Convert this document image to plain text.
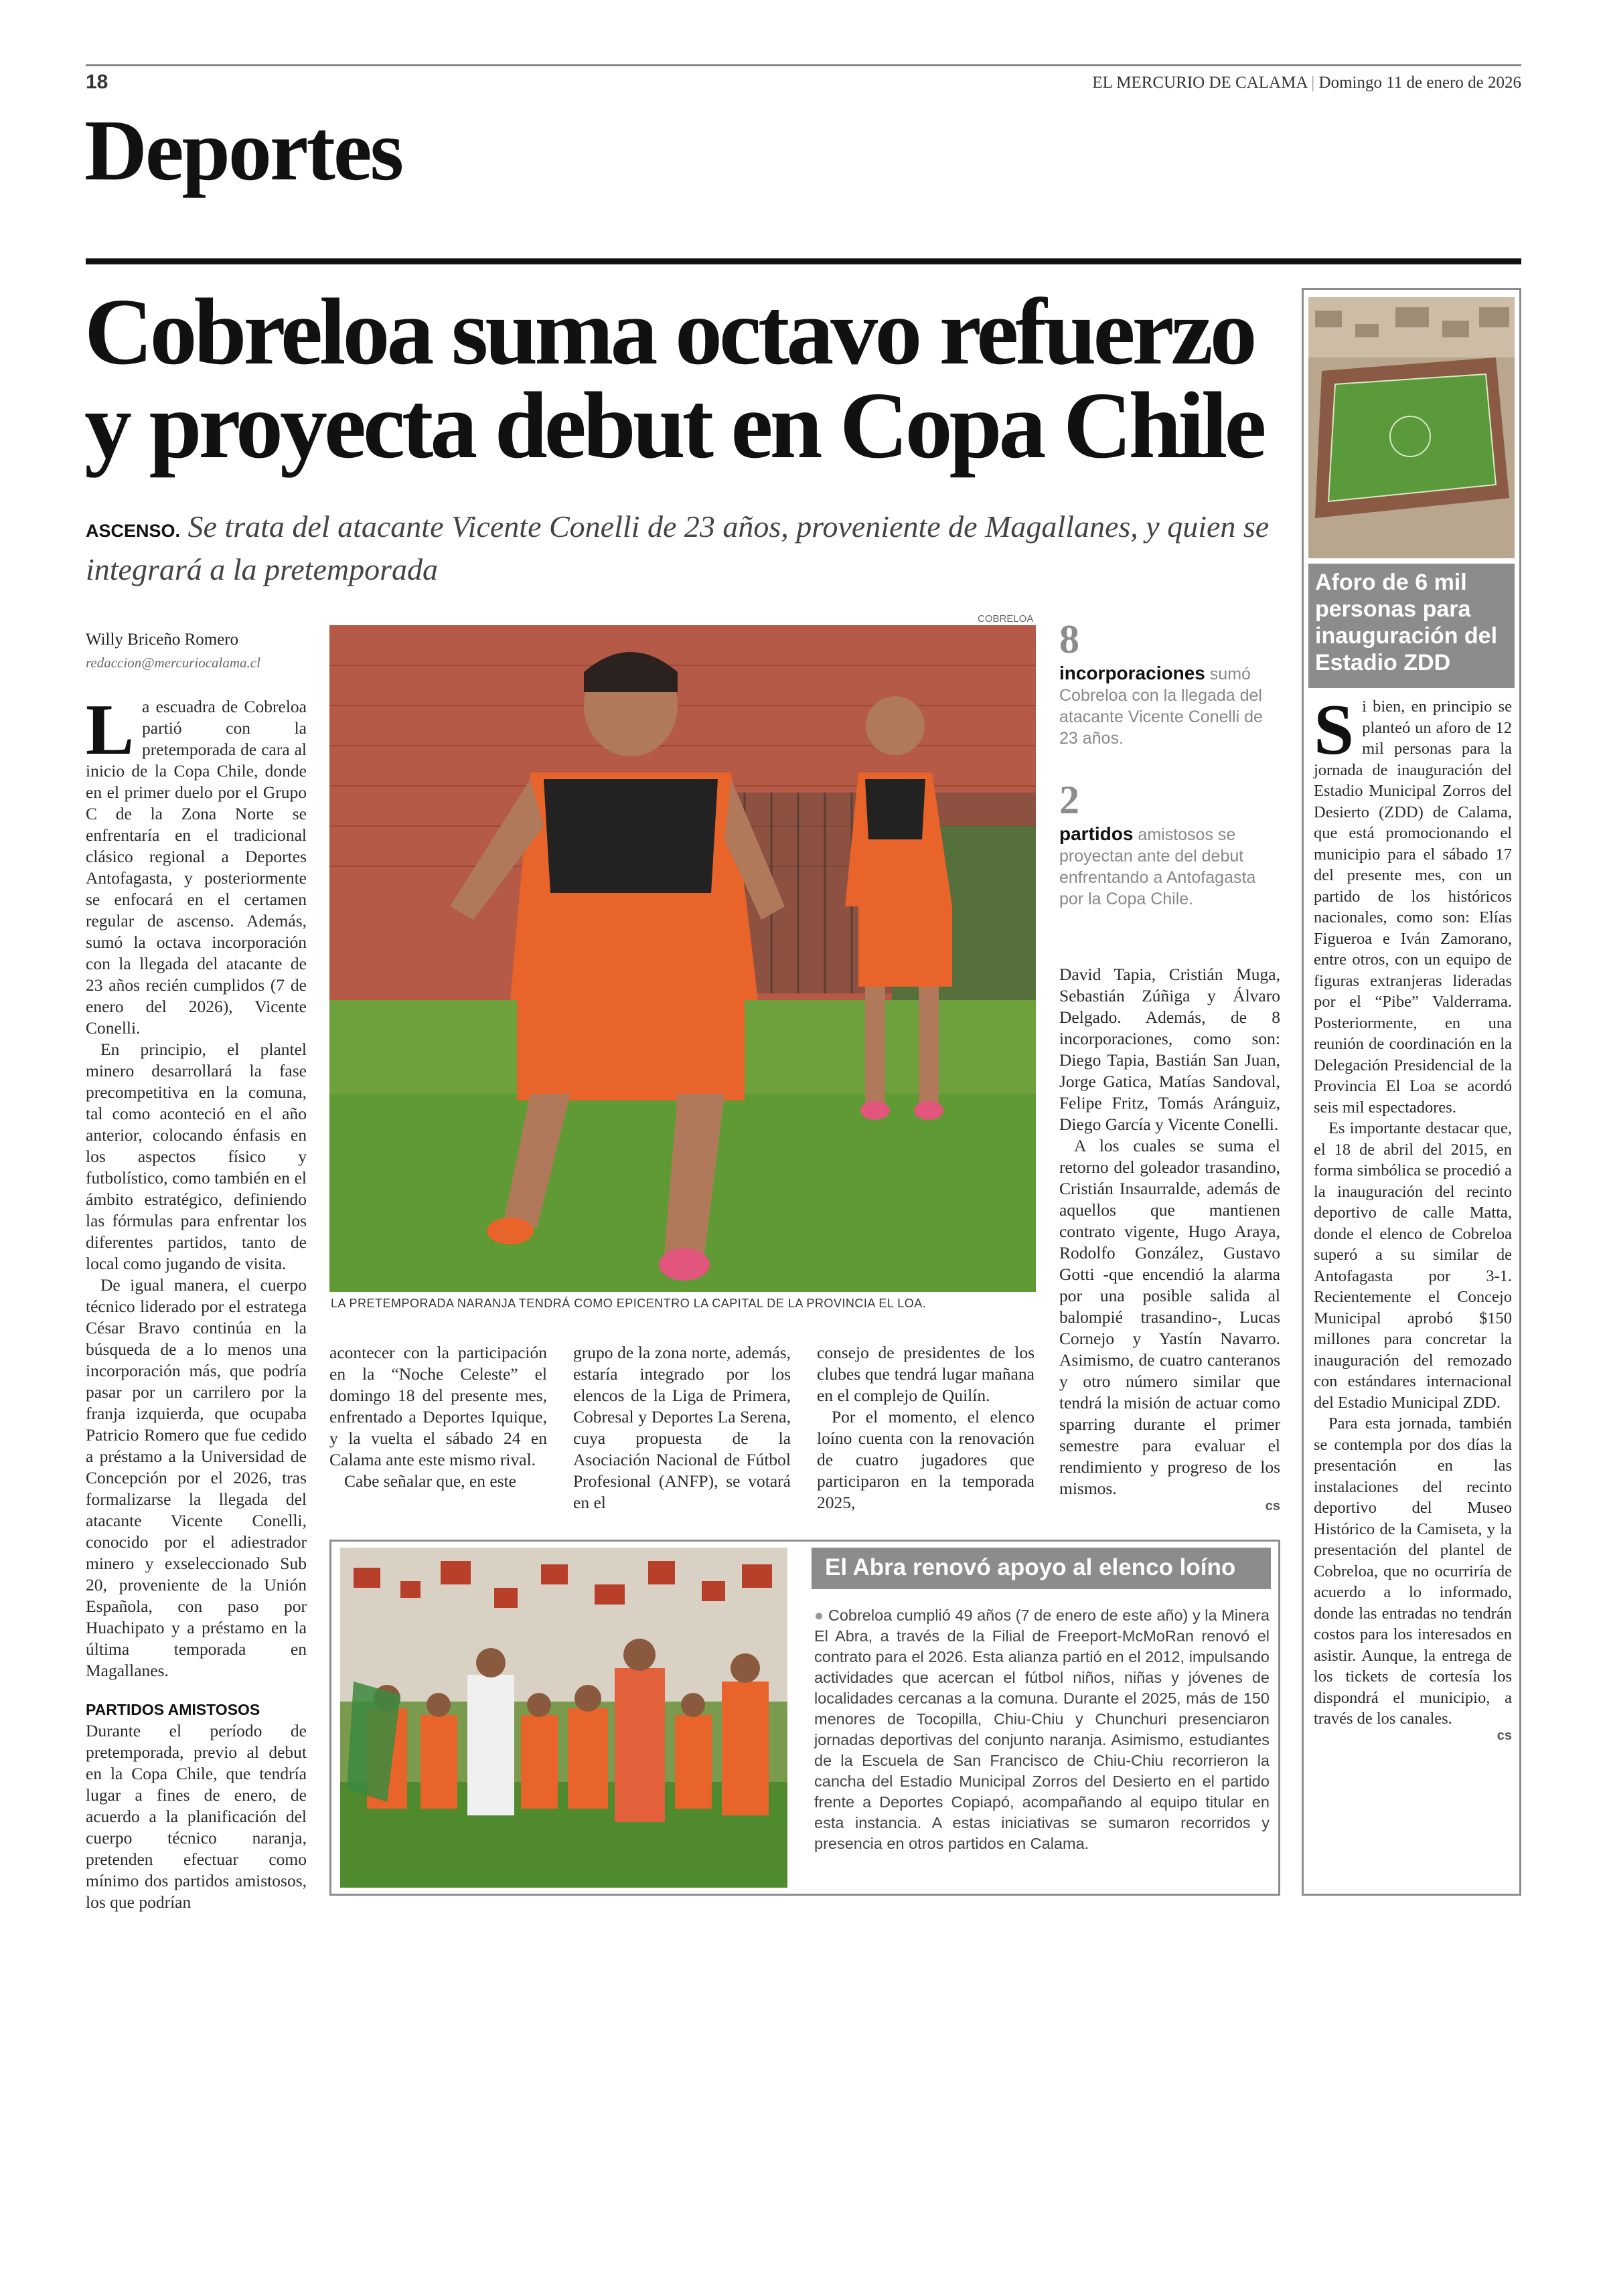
18	EL MERCURIO DE CALAMA | Domingo 11 de enero de 2026
Deportes
Cobreloa suma octavo refuerzo
y proyecta debut en Copa Chile
ASCENSO. Se trata del atacante Vicente Conelli de 23 años, proveniente de Magallanes, y quien se integrará a la pretemporada
Willy Briceño Romero
redaccion@mercuriocalama.cl
COBRELOA
LA PRETEMPORADA NARANJA TENDRÁ COMO EPICENTRO LA CAPITAL DE LA PROVINCIA EL LOA.

La escuadra de Cobreloa partió con la pretemporada de cara al inicio de la Copa Chile, donde en el primer duelo por el Grupo C de la Zona Norte se enfrentaría en el tradicional clásico regional a Deportes Antofagasta, y posteriormente se enfocará en el certamen regular de ascenso. Además, sumó la octava incorporación con la llegada del atacante de 23 años recién cumplidos (7 de enero del 2026), Vicente Conelli.

En principio, el plantel minero desarrollará la fase precompetitiva en la comuna, tal como aconteció en el año anterior, colocando énfasis en los aspectos físico y futbolístico, como también en el ámbito estratégico, definiendo las fórmulas para enfrentar los diferentes partidos, tanto de local como jugando de visita.

De igual manera, el cuerpo técnico liderado por el estratega César Bravo continúa en la búsqueda de a lo menos una incorporación más, que podría pasar por un carrilero por la franja izquierda, que ocupaba Patricio Romero que fue cedido a préstamo a la Universidad de Concepción por el 2026, tras formalizarse la llegada del atacante Vicente Conelli, conocido por el adiestrador minero y exseleccionado Sub 20, proveniente de la Unión Española, con paso por Huachipato y a préstamo en la última temporada en Magallanes.

PARTIDOS AMISTOSOS

Durante el período de pretemporada, previo al debut en la Copa Chile, que tendría lugar a fines de enero, de acuerdo a la planificación del cuerpo técnico naranja, pretenden efectuar como mínimo dos partidos amistosos, los que podrían

acontecer con la participación en la “Noche Celeste” el domingo 18 del presente mes, enfrentado a Deportes Iquique, y la vuelta el sábado 24 en Calama ante este mismo rival.

Cabe señalar que, en este

grupo de la zona norte, además, estaría integrado por los elencos de la Liga de Primera, Cobresal y Deportes La Serena, cuya propuesta de la Asociación Nacional de Fútbol Profesional (ANFP), se votará en el

consejo de presidentes de los clubes que tendrá lugar mañana en el complejo de Quilín.

Por el momento, el elenco loíno cuenta con la renovación de cuatro jugadores que participaron en la temporada 2025,

8
incorporaciones sumó Cobreloa con la llegada del atacante Vicente Conelli de 23 años.
2
partidos amistosos se proyectan ante del debut enfrentando a Antofagasta por la Copa Chile.

David Tapia, Cristián Muga, Sebastián Zúñiga y Álvaro Delgado. Además, de 8 incorporaciones, como son: Diego Tapia, Bastián San Juan, Jorge Gatica, Matías Sandoval, Felipe Fritz, Tomás Aránguiz, Diego García y Vicente Conelli.

A los cuales se suma el retorno del goleador trasandino, Cristián Insaurralde, además de aquellos que mantienen contrato vigente, Hugo Araya, Rodolfo González, Gustavo Gotti -que encendió la alarma por una posible salida al balompié trasandino-, Lucas Cornejo y Yastín Navarro. Asimismo, de cuatro canteranos y otro número similar que tendrá la misión de actuar como sparring durante el primer semestre para evaluar el rendimiento y progreso de los mismos.

cs
El Abra renovó apoyo al elenco loíno
● Cobreloa cumplió 49 años (7 de enero de este año) y la Minera El Abra, a través de la Filial de Freeport-McMoRan renovó el contrato para el 2026. Esta alianza partió en el 2012, impulsando actividades que acercan el fútbol niños, niñas y jóvenes de localidades cercanas a la comuna. Durante el 2025, más de 150 menores de Tocopilla, Chiu-Chiu y Chunchuri presenciaron jornadas deportivas del conjunto naranja. Asimismo, estudiantes de la Escuela de San Francisco de Chiu-Chiu recorrieron la cancha del Estadio Municipal Zorros del Desierto en el partido frente a Deportes Copiapó, acompañando al equipo titular en esta instancia. A estas iniciativas se sumaron recorridos y presencia en otros partidos en Calama.
Aforo de 6 mil personas para inauguración del Estadio ZDD

Si bien, en principio se planteó un aforo de 12 mil personas para la jornada de inauguración del Estadio Municipal Zorros del Desierto (ZDD) de Calama, que está promocionando el municipio para el sábado 17 del presente mes, con un partido de los históricos nacionales, como son: Elías Figueroa e Iván Zamorano, entre otros, con un equipo de figuras extranjeras lideradas por el “Pibe” Valderrama. Posteriormente, en una reunión de coordinación en la Delegación Presidencial de la Provincia El Loa se acordó seis mil espectadores.

Es importante destacar que, el 18 de abril del 2015, en forma simbólica se procedió a la inauguración del recinto deportivo de calle Matta, donde el elenco de Cobreloa superó a su similar de Antofagasta por 3-1. Recientemente el Concejo Municipal aprobó $150 millones para concretar la inauguración del remozado con estándares internacional del Estadio Municipal ZDD.

Para esta jornada, también se contempla por dos días la presentación en las instalaciones del recinto deportivo del Museo Histórico de la Camiseta, y la presentación del plantel de Cobreloa, que no ocurriría de acuerdo a lo informado, donde las entradas no tendrán costos para los interesados en asistir. Aunque, la entrega de los tickets de cortesía los dispondrá el municipio, a través de los canales.

cs
